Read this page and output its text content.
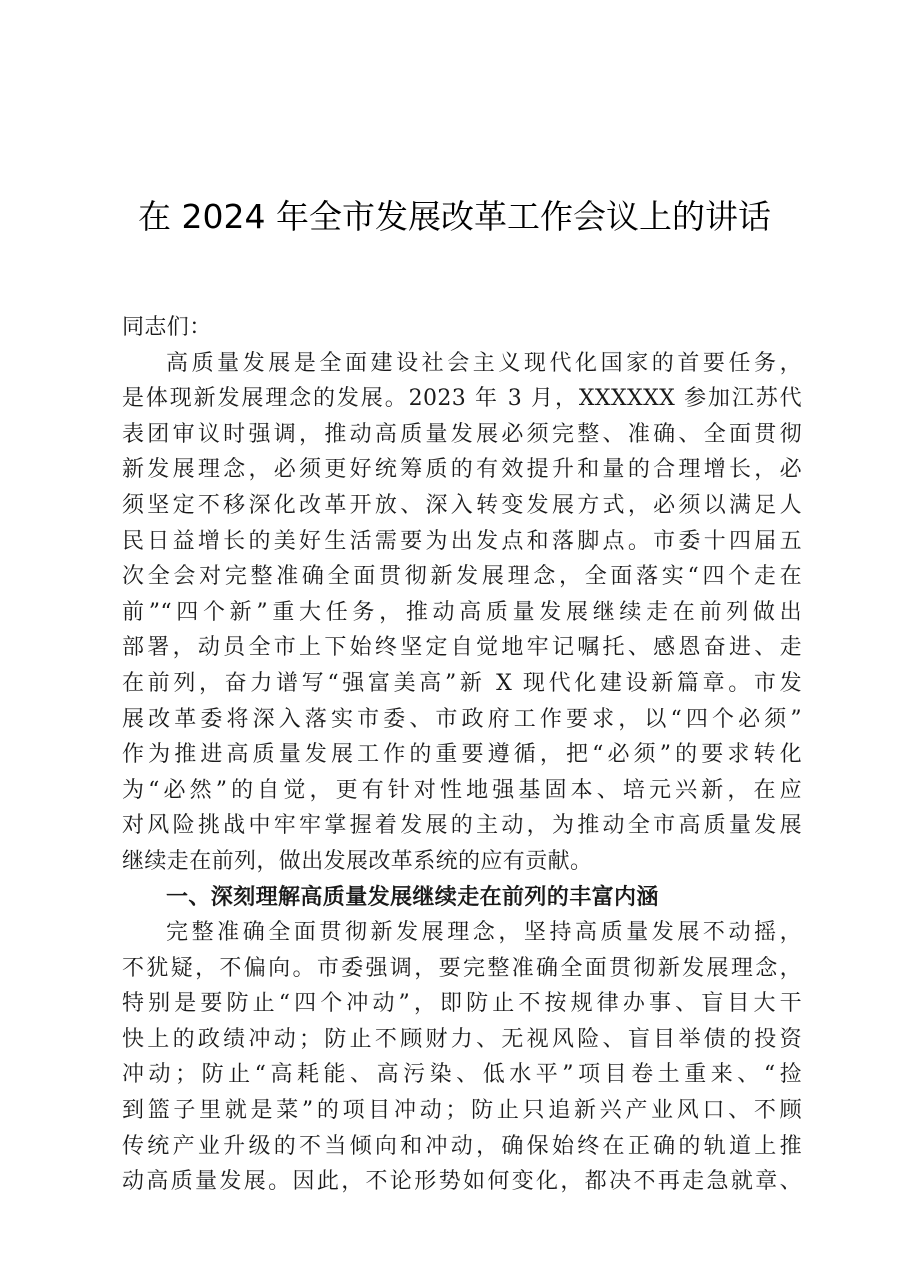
在 2024 年全市发展改革工作会议上的讲话
同志们：
高质量发展是全面建设社会主义现代化国家的首要任务，
是体现新发展理念的发展。2023 年 3 月，XXXXXX 参加江苏代
表团审议时强调，推动高质量发展必须完整、准确、全面贯彻
新发展理念，必须更好统筹质的有效提升和量的合理增长，必
须坚定不移深化改革开放、深入转变发展方式，必须以满足人
民日益增长的美好生活需要为出发点和落脚点。市委十四届五
次全会对完整准确全面贯彻新发展理念，全面落实“四个走在
前”“四个新”重大任务，推动高质量发展继续走在前列做出
部署，动员全市上下始终坚定自觉地牢记嘱托、感恩奋进、走
在前列，奋力谱写“强富美高”新 X 现代化建设新篇章。市发
展改革委将深入落实市委、市政府工作要求，以“四个必须”
作为推进高质量发展工作的重要遵循，把“必须”的要求转化
为“必然”的自觉，更有针对性地强基固本、培元兴新，在应
对风险挑战中牢牢掌握着发展的主动，为推动全市高质量发展
继续走在前列，做出发展改革系统的应有贡献。
一、深刻理解高质量发展继续走在前列的丰富内涵
完整准确全面贯彻新发展理念，坚持高质量发展不动摇，
不犹疑，不偏向。市委强调，要完整准确全面贯彻新发展理念，
特别是要防止“四个冲动”，即防止不按规律办事、盲目大干
快上的政绩冲动；防止不顾财力、无视风险、盲目举债的投资
冲动；防止“高耗能、高污染、低水平”项目卷土重来、“捡
到篮子里就是菜”的项目冲动；防止只追新兴产业风口、不顾
传统产业升级的不当倾向和冲动，确保始终在正确的轨道上推
动高质量发展。因此，不论形势如何变化，都决不再走急就章、
